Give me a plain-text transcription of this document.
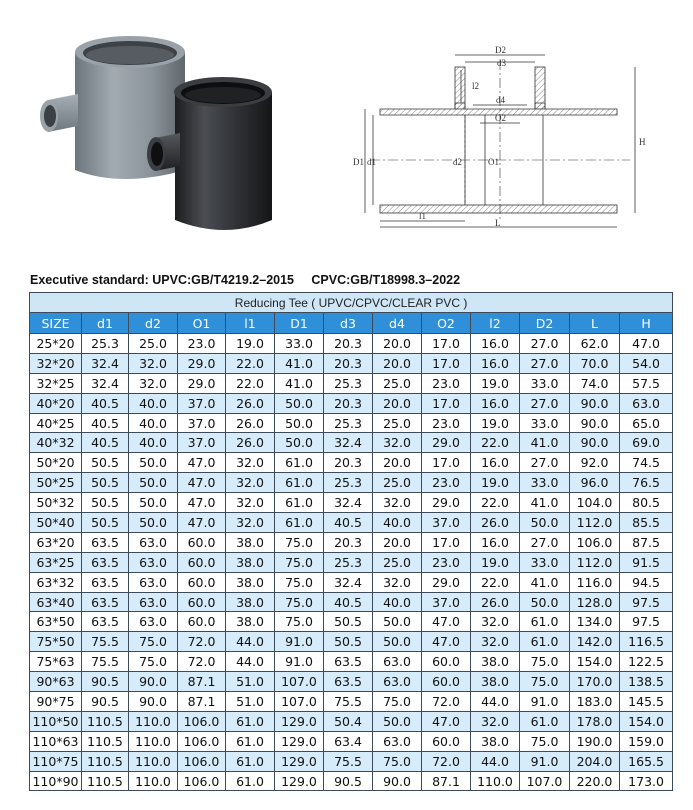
D2
d3
l2
d4
O2
D1 d1	d2	O1
H
l1
L
Executive standard: UPVC:GB/T4219.2–2015     CPVC:GB/T18998.3–2022
Reducing Tee ( UPVC/CPVC/CLEAR PVC )												
SIZE	d1	d2	O1	l1	D1	d3	d4	O2	l2	D2	L	H
25*20	25.3	25.0	23.0	19.0	33.0	20.3	20.0	17.0	16.0	27.0	62.0	47.0
32*20	32.4	32.0	29.0	22.0	41.0	20.3	20.0	17.0	16.0	27.0	70.0	54.0
32*25	32.4	32.0	29.0	22.0	41.0	25.3	25.0	23.0	19.0	33.0	74.0	57.5
40*20	40.5	40.0	37.0	26.0	50.0	20.3	20.0	17.0	16.0	27.0	90.0	63.0
40*25	40.5	40.0	37.0	26.0	50.0	25.3	25.0	23.0	19.0	33.0	90.0	65.0
40*32	40.5	40.0	37.0	26.0	50.0	32.4	32.0	29.0	22.0	41.0	90.0	69.0
50*20	50.5	50.0	47.0	32.0	61.0	20.3	20.0	17.0	16.0	27.0	92.0	74.5
50*25	50.5	50.0	47.0	32.0	61.0	25.3	25.0	23.0	19.0	33.0	96.0	76.5
50*32	50.5	50.0	47.0	32.0	61.0	32.4	32.0	29.0	22.0	41.0	104.0	80.5
50*40	50.5	50.0	47.0	32.0	61.0	40.5	40.0	37.0	26.0	50.0	112.0	85.5
63*20	63.5	63.0	60.0	38.0	75.0	20.3	20.0	17.0	16.0	27.0	106.0	87.5
63*25	63.5	63.0	60.0	38.0	75.0	25.3	25.0	23.0	19.0	33.0	112.0	91.5
63*32	63.5	63.0	60.0	38.0	75.0	32.4	32.0	29.0	22.0	41.0	116.0	94.5
63*40	63.5	63.0	60.0	38.0	75.0	40.5	40.0	37.0	26.0	50.0	128.0	97.5
63*50	63.5	63.0	60.0	38.0	75.0	50.5	50.0	47.0	32.0	61.0	134.0	97.5
75*50	75.5	75.0	72.0	44.0	91.0	50.5	50.0	47.0	32.0	61.0	142.0	116.5
75*63	75.5	75.0	72.0	44.0	91.0	63.5	63.0	60.0	38.0	75.0	154.0	122.5
90*63	90.5	90.0	87.1	51.0	107.0	63.5	63.0	60.0	38.0	75.0	170.0	138.5
90*75	90.5	90.0	87.1	51.0	107.0	75.5	75.0	72.0	44.0	91.0	183.0	145.5
110*50	110.5	110.0	106.0	61.0	129.0	50.4	50.0	47.0	32.0	61.0	178.0	154.0
110*63	110.5	110.0	106.0	61.0	129.0	63.4	63.0	60.0	38.0	75.0	190.0	159.0
110*75	110.5	110.0	106.0	61.0	129.0	75.5	75.0	72.0	44.0	91.0	204.0	165.5
110*90	110.5	110.0	106.0	61.0	129.0	90.5	90.0	87.1	110.0	107.0	220.0	173.0
